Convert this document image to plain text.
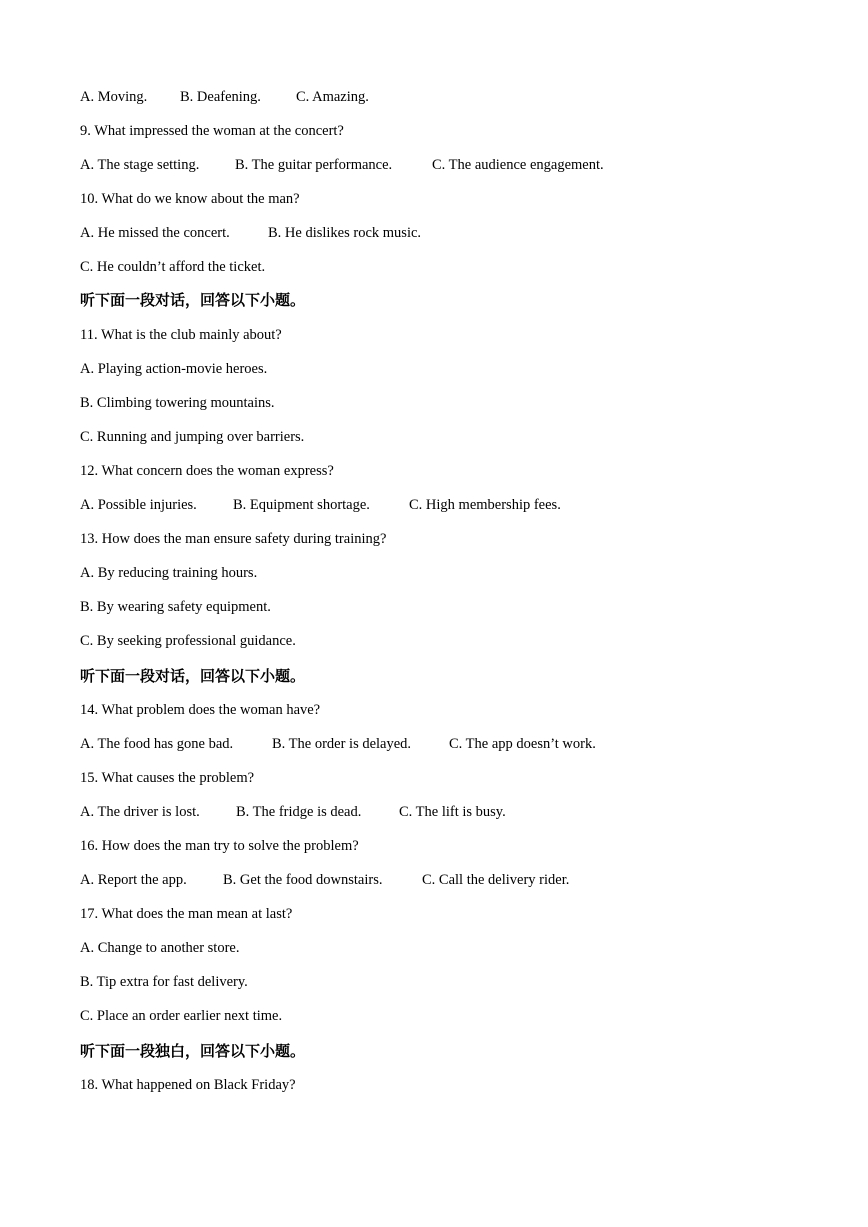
A. Moving. B. Deafening. C. Amazing.
9. What impressed the woman at the concert?
A. The stage setting. B. The guitar performance.	C. The audience engagement.
10. What do we know about the man?
A. He missed the concert.	B. He dislikes rock music.
C. He couldn’t afford the ticket.
听下面一段对话，回答以下小题。
11. What is the club mainly about?
A. Playing action-movie heroes.
B. Climbing towering mountains.
C. Running and jumping over barriers.
12. What concern does the woman express?
A. Possible injuries. B. Equipment shortage.	C. High membership fees.
13. How does the man ensure safety during training?
A. By reducing training hours.
B. By wearing safety equipment.
C. By seeking professional guidance.
听下面一段对话，回答以下小题。
14. What problem does the woman have?
A. The food has gone bad.	B. The order is delayed.	C. The app doesn’t work.
15. What causes the problem?
A. The driver is lost.	B. The fridge is dead.	C. The lift is busy.
16. How does the man try to solve the problem?
A. Report the app.	B. Get the food downstairs.	C. Call the delivery rider.
17. What does the man mean at last?
A. Change to another store.
B. Tip extra for fast delivery.
C. Place an order earlier next time.
听下面一段独白，回答以下小题。
18. What happened on Black Friday?
